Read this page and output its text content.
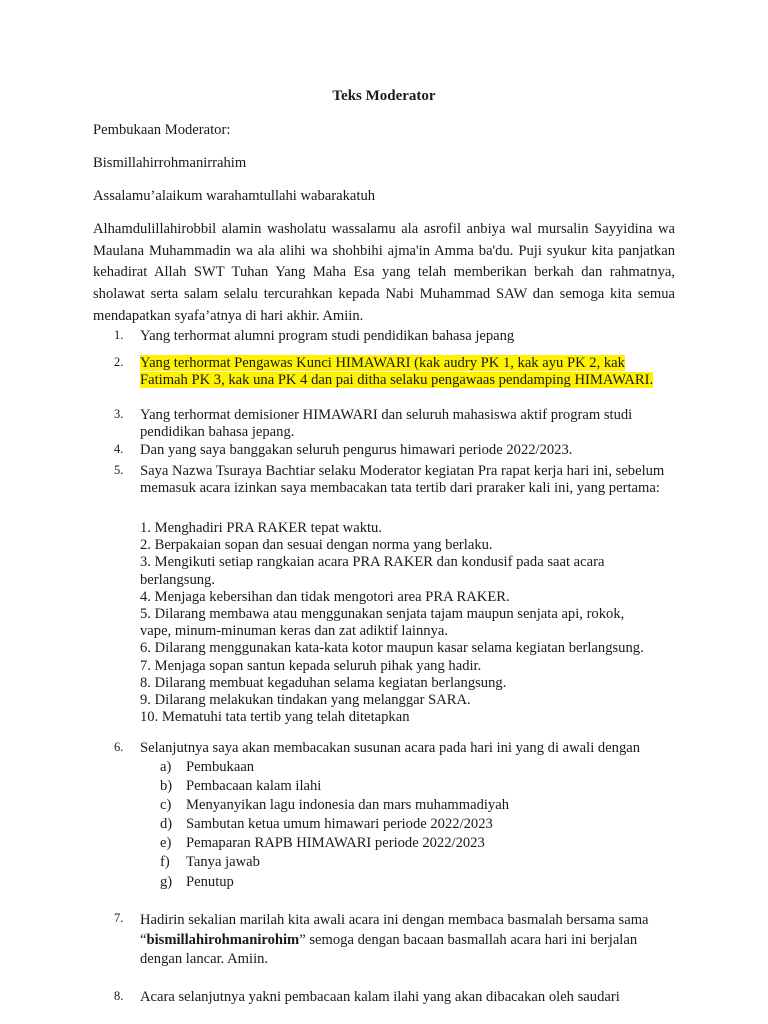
Teks Moderator

Pembukaan Moderator:

Bismillahirrohmanirrahim

Assalamu’alaikum warahamtullahi wabarakatuh

Alhamdulillahirobbil alamin washolatu wassalamu ala asrofil anbiya wal mursalin Sayyidina wa Maulana Muhammadin wa ala alihi wa shohbihi ajma'in Amma ba'du. Puji syukur kita panjatkan kehadirat Allah SWT Tuhan Yang Maha Esa yang telah memberikan berkah dan rahmatnya, sholawat serta salam selalu tercurahkan kepada Nabi Muhammad SAW dan semoga kita semua mendapatkan syafa’atnya di hari akhir. Amiin.

1. Yang terhormat alumni program studi pendidikan bahasa jepang
2. Yang terhormat Pengawas Kunci HIMAWARI (kak audry PK 1, kak ayu PK 2, kak Fatimah PK 3, kak una PK 4 dan pai ditha selaku pengawaas pendamping HIMAWARI.
3. Yang terhormat demisioner HIMAWARI dan seluruh mahasiswa aktif program studi pendidikan bahasa jepang.
4. Dan yang saya banggakan seluruh pengurus himawari periode 2022/2023.
5. Saya Nazwa Tsuraya Bachtiar selaku Moderator kegiatan Pra rapat kerja hari ini, sebelum memasuk acara izinkan saya membacakan tata tertib dari praraker kali ini, yang pertama:
1. Menghadiri PRA RAKER tepat waktu.
2. Berpakaian sopan dan sesuai dengan norma yang berlaku.
3. Mengikuti setiap rangkaian acara PRA RAKER dan kondusif pada saat acara
berlangsung.
4. Menjaga kebersihan dan tidak mengotori area PRA RAKER.
5. Dilarang membawa atau menggunakan senjata tajam maupun senjata api, rokok,
vape, minum-minuman keras dan zat adiktif lainnya.
6. Dilarang menggunakan kata-kata kotor maupun kasar selama kegiatan berlangsung.
7. Menjaga sopan santun kepada seluruh pihak yang hadir.
8. Dilarang membuat kegaduhan selama kegiatan berlangsung.
9. Dilarang melakukan tindakan yang melanggar SARA.
10. Mematuhi tata tertib yang telah ditetapkan
6. Selanjutnya saya akan membacakan susunan acara pada hari ini yang di awali dengan
a) Pembukaan
b) Pembacaan kalam ilahi
c) Menyanyikan lagu indonesia dan mars muhammadiyah
d) Sambutan ketua umum himawari periode 2022/2023
e) Pemaparan RAPB HIMAWARI periode 2022/2023
f) Tanya jawab
g) Penutup
7. Hadirin sekalian marilah kita awali acara ini dengan membaca basmalah bersama sama “bismillahirohmanirohim” semoga dengan bacaan basmallah acara hari ini berjalan dengan lancar. Amiin.
8. Acara selanjutnya yakni pembacaan kalam ilahi yang akan dibacakan oleh saudari
